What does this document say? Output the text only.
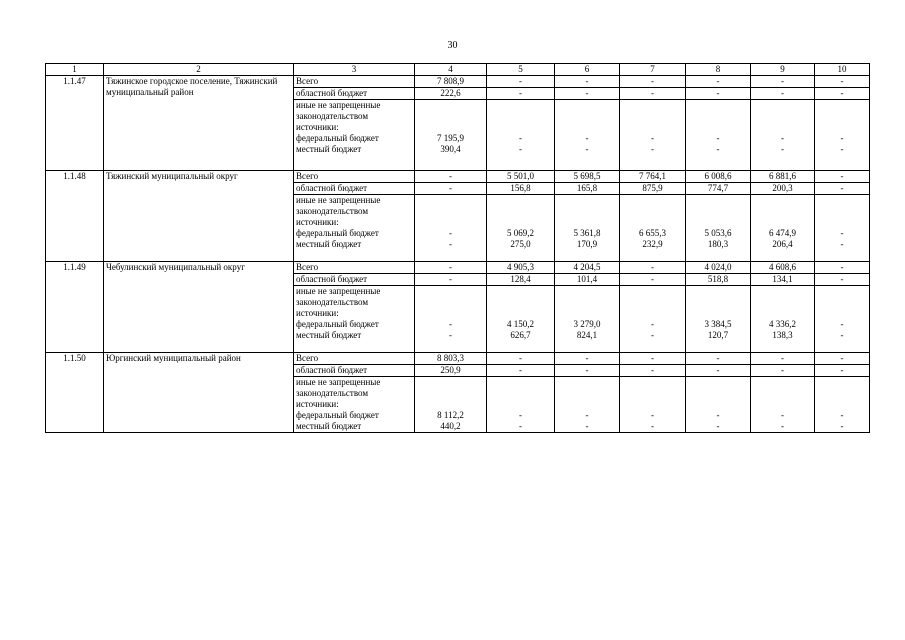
30
1	2	3	4	5	6	7	8	9	10
1.1.47	Тяжинское городское поселение, Тяжинский муниципальный район	Всего	7 808,9	-	-	-	-	-	-
		областной бюджет	222,6	-	-	-	-	-	-
		иные не запрещенные законодательством источники:							
		федеральный бюджет	7 195,9	-	-	-	-	-	-
		местный бюджет	390,4	-	-	-	-	-	-
1.1.48	Тяжинский муниципальный округ	Всего	-	5 501,0	5 698,5	7 764,1	6 008,6	6 881,6	-
		областной бюджет	-	156,8	165,8	875,9	774,7	200,3	-
		иные не запрещенные законодательством источники:							
		федеральный бюджет	-	5 069,2	5 361,8	6 655,3	5 053,6	6 474,9	-
		местный бюджет	-	275,0	170,9	232,9	180,3	206,4	-
1.1.49	Чебулинский муниципальный округ	Всего	-	4 905,3	4 204,5	-	4 024,0	4 608,6	-
		областной бюджет	-	128,4	101,4	-	518,8	134,1	-
		иные не запрещенные законодательством источники:							
		федеральный бюджет	-	4 150,2	3 279,0	-	3 384,5	4 336,2	-
		местный бюджет	-	626,7	824,1	-	120,7	138,3	-
1.1.50	Юргинский муниципальный район	Всего	8 803,3	-	-	-	-	-	-
		областной бюджет	250,9	-	-	-	-	-	-
		иные не запрещенные законодательством источники:							
		федеральный бюджет	8 112,2	-	-	-	-	-	-
		местный бюджет	440,2	-	-	-	-	-	-
